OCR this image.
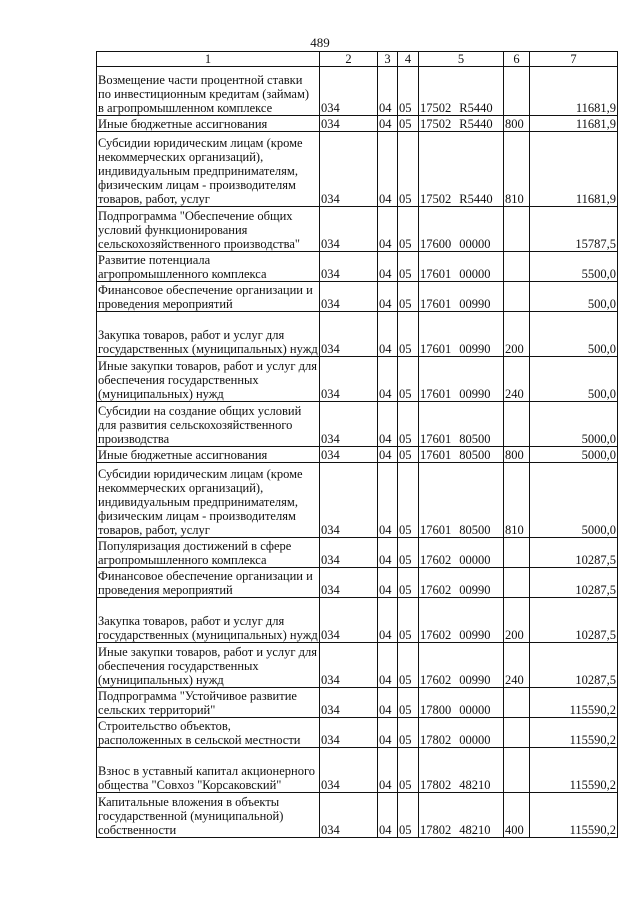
489
1	2	3	4	5	6	7
Возмещение части процентной ставки по инвестиционным кредитам (займам) в агропромышленном комплексе	034	04	05	17502 R5440		11681,9
Иные бюджетные ассигнования	034	04	05	17502 R5440	800	11681,9
Субсидии юридическим лицам (кроме некоммерческих организаций), индивидуальным предпринимателям, физическим лицам - производителям товаров, работ, услуг	034	04	05	17502 R5440	810	11681,9
Подпрограмма "Обеспечение общих условий функционирования сельскохозяйственного производства"	034	04	05	17600 00000		15787,5
Развитие потенциала агропромышленного комплекса	034	04	05	17601 00000		5500,0
Финансовое обеспечение организации и проведения мероприятий	034	04	05	17601 00990		500,0
Закупка товаров, работ и услуг для государственных (муниципальных) нужд	034	04	05	17601 00990	200	500,0
Иные закупки товаров, работ и услуг для обеспечения государственных (муниципальных) нужд	034	04	05	17601 00990	240	500,0
Субсидии на создание общих условий для развития сельскохозяйственного производства	034	04	05	17601 80500		5000,0
Иные бюджетные ассигнования	034	04	05	17601 80500	800	5000,0
Субсидии юридическим лицам (кроме некоммерческих организаций), индивидуальным предпринимателям, физическим лицам - производителям товаров, работ, услуг	034	04	05	17601 80500	810	5000,0
Популяризация достижений в сфере агропромышленного комплекса	034	04	05	17602 00000		10287,5
Финансовое обеспечение организации и проведения мероприятий	034	04	05	17602 00990		10287,5
Закупка товаров, работ и услуг для государственных (муниципальных) нужд	034	04	05	17602 00990	200	10287,5
Иные закупки товаров, работ и услуг для обеспечения государственных (муниципальных) нужд	034	04	05	17602 00990	240	10287,5
Подпрограмма "Устойчивое развитие сельских территорий"	034	04	05	17800 00000		115590,2
Строительство объектов, расположенных в сельской местности	034	04	05	17802 00000		115590,2
Взнос в уставный капитал акционерного общества "Совхоз "Корсаковский"	034	04	05	17802 48210		115590,2
Капитальные вложения в объекты государственной (муниципальной) собственности	034	04	05	17802 48210	400	115590,2
